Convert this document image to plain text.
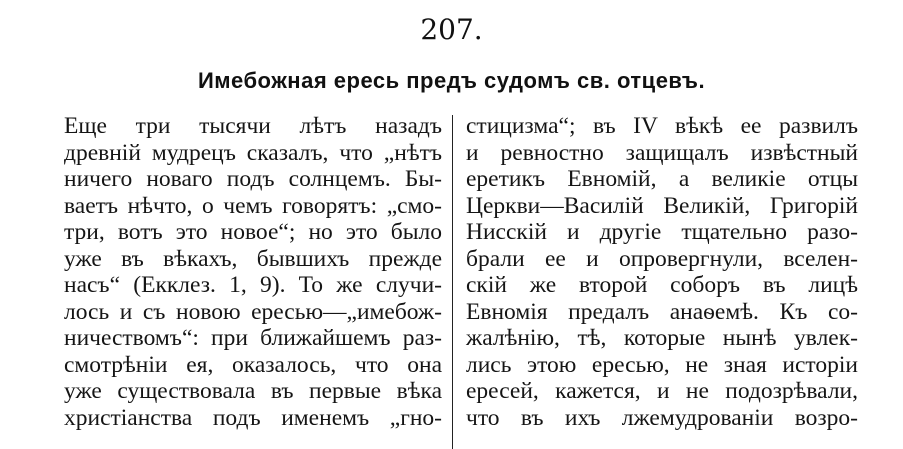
207.
Имебожная ересь предъ судомъ св. отцевъ.
Еще три тысячи лѣтъ назадъ
древній мудрецъ сказалъ, что „нѣтъ
ничего новаго подъ солнцемъ. Бы-
ваетъ нѣчто, о чемъ говорятъ: „смо-
три, вотъ это новое“; но это было
уже въ вѣкахъ, бывшихъ прежде
насъ“ (Екклез. 1, 9). То же случи-
лось и съ новою ересью—„имебож-
ничествомъ“: при ближайшемъ раз-
смотрѣніи ея, оказалось, что она
уже существовала въ первые вѣка
христіанства подъ именемъ „гно-
стицизма“; въ IV вѣкѣ ее развилъ
и ревностно защищалъ извѣстный
еретикъ Евномій, а великіе отцы
Церкви—Василій Великій, Григорій
Нисскій и другіе тщательно разо-
брали ее и опровергнули, вселен-
скій же второй соборъ въ лицѣ
Евномія предалъ анаѳемѣ. Къ со-
жалѣнію, тѣ, которые нынѣ увлек-
лись этою ересью, не зная исторіи
ересей, кажется, и не подозрѣвали,
что въ ихъ лжемудрованіи возро-
